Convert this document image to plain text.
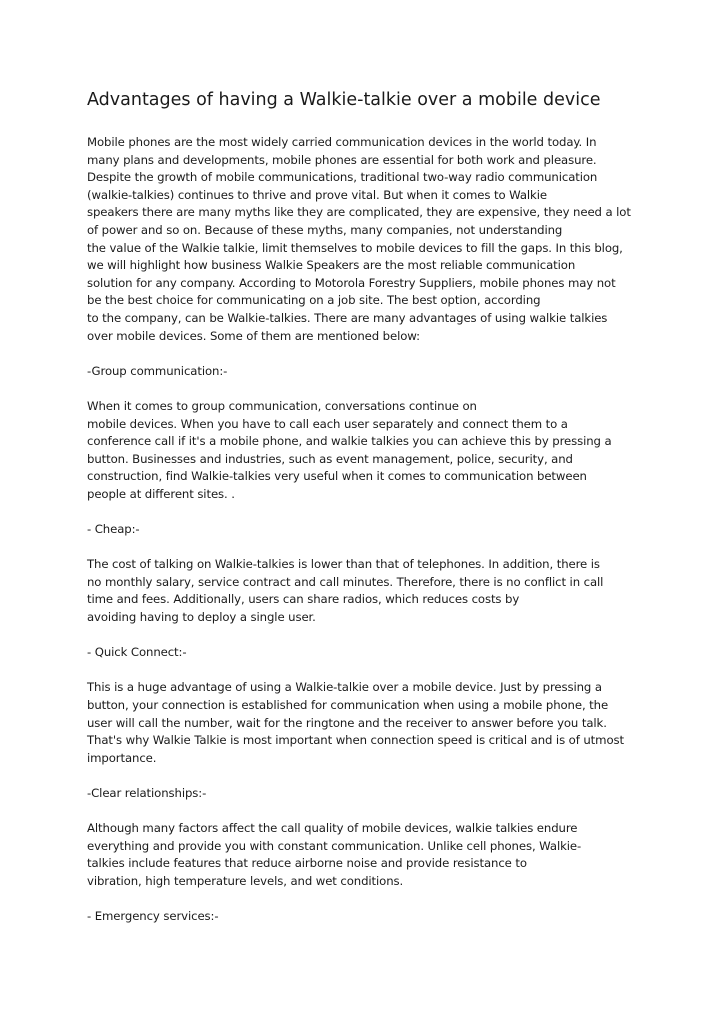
Advantages of having a Walkie-talkie over a mobile device
Mobile phones are the most widely carried communication devices in the world today. In
many plans and developments, mobile phones are essential for both work and pleasure.
Despite the growth of mobile communications, traditional two-way radio communication
(walkie-talkies) continues to thrive and prove vital. But when it comes to Walkie
speakers there are many myths like they are complicated, they are expensive, they need a lot
of power and so on. Because of these myths, many companies, not understanding
the value of the Walkie talkie, limit themselves to mobile devices to fill the gaps. In this blog,
we will highlight how business Walkie Speakers are the most reliable communication
solution for any company. According to Motorola Forestry Suppliers, mobile phones may not
be the best choice for communicating on a job site. The best option, according
to the company, can be Walkie-talkies. There are many advantages of using walkie talkies
over mobile devices. Some of them are mentioned below:
-Group communication:-
When it comes to group communication, conversations continue on
mobile devices. When you have to call each user separately and connect them to a
conference call if it's a mobile phone, and walkie talkies you can achieve this by pressing a
button. Businesses and industries, such as event management, police, security, and
construction, find Walkie-talkies very useful when it comes to communication between
people at different sites. .
- Cheap:-
The cost of talking on Walkie-talkies is lower than that of telephones. In addition, there is
no monthly salary, service contract and call minutes. Therefore, there is no conflict in call
time and fees. Additionally, users can share radios, which reduces costs by
avoiding having to deploy a single user.
- Quick Connect:-
This is a huge advantage of using a Walkie-talkie over a mobile device. Just by pressing a
button, your connection is established for communication when using a mobile phone, the
user will call the number, wait for the ringtone and the receiver to answer before you talk.
That's why Walkie Talkie is most important when connection speed is critical and is of utmost
importance.
-Clear relationships:-
Although many factors affect the call quality of mobile devices, walkie talkies endure
everything and provide you with constant communication. Unlike cell phones, Walkie-
talkies include features that reduce airborne noise and provide resistance to
vibration, high temperature levels, and wet conditions.
- Emergency services:-
